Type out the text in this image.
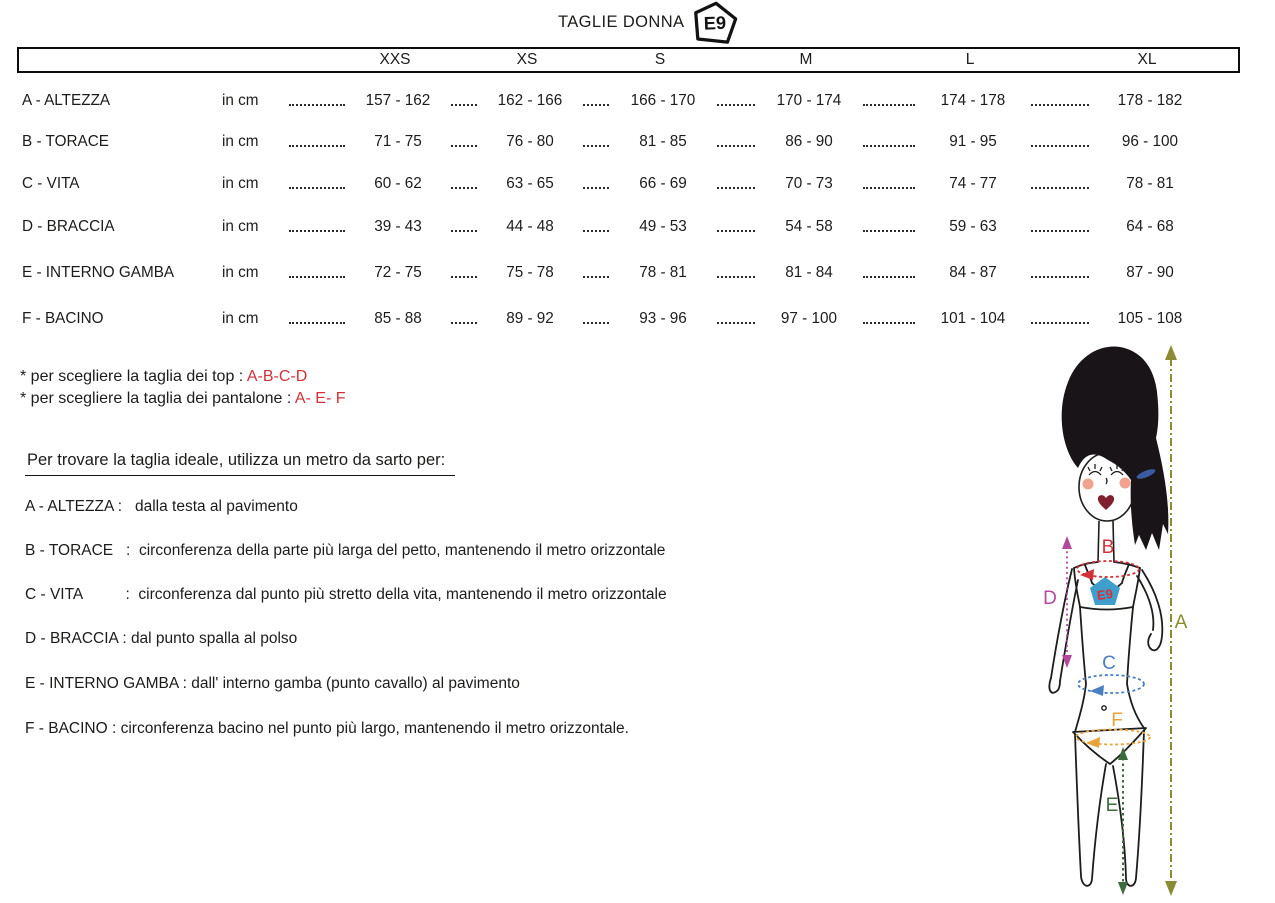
TAGLIE DONNA E9
XXS	XS	S	M	L	XL
A - ALTEZZA	in cm	157 - 162	162 - 166	166 - 170	170 - 174	174 - 178	178 - 182
B - TORACE	in cm	71 - 75	76 - 80	81 - 85	86 - 90	91 - 95	96 - 100
C - VITA	in cm	60 - 62	63 - 65	66 - 69	70 - 73	74 - 77	78 - 81
D - BRACCIA	in cm	39 - 43	44 - 48	49 - 53	54 - 58	59 - 63	64 - 68
E - INTERNO GAMBA	in cm	72 - 75	75 - 78	78 - 81	81 - 84	84 - 87	87 - 90
F - BACINO	in cm	85 - 88	89 - 92	93 - 96	97 - 100	101 - 104	105 - 108
* per scegliere la taglia dei top : A-B-C-D
* per scegliere la taglia dei pantalone : A- E- F
Per trovare la taglia ideale, utilizza un metro da sarto per:
A - ALTEZZA :   dalla testa al pavimento
B - TORACE   :  circonferenza della parte più larga del petto, mantenendo il metro orizzontale
C - VITA          :  circonferenza dal punto più stretto della vita, mantenendo il metro orizzontale
D - BRACCIA : dal punto spalla al polso
E - INTERNO GAMBA : dall' interno gamba (punto cavallo) al pavimento
F - BACINO : circonferenza bacino nel punto più largo, mantenendo il metro orizzontale.
E9
B
C
F
D
E
A
